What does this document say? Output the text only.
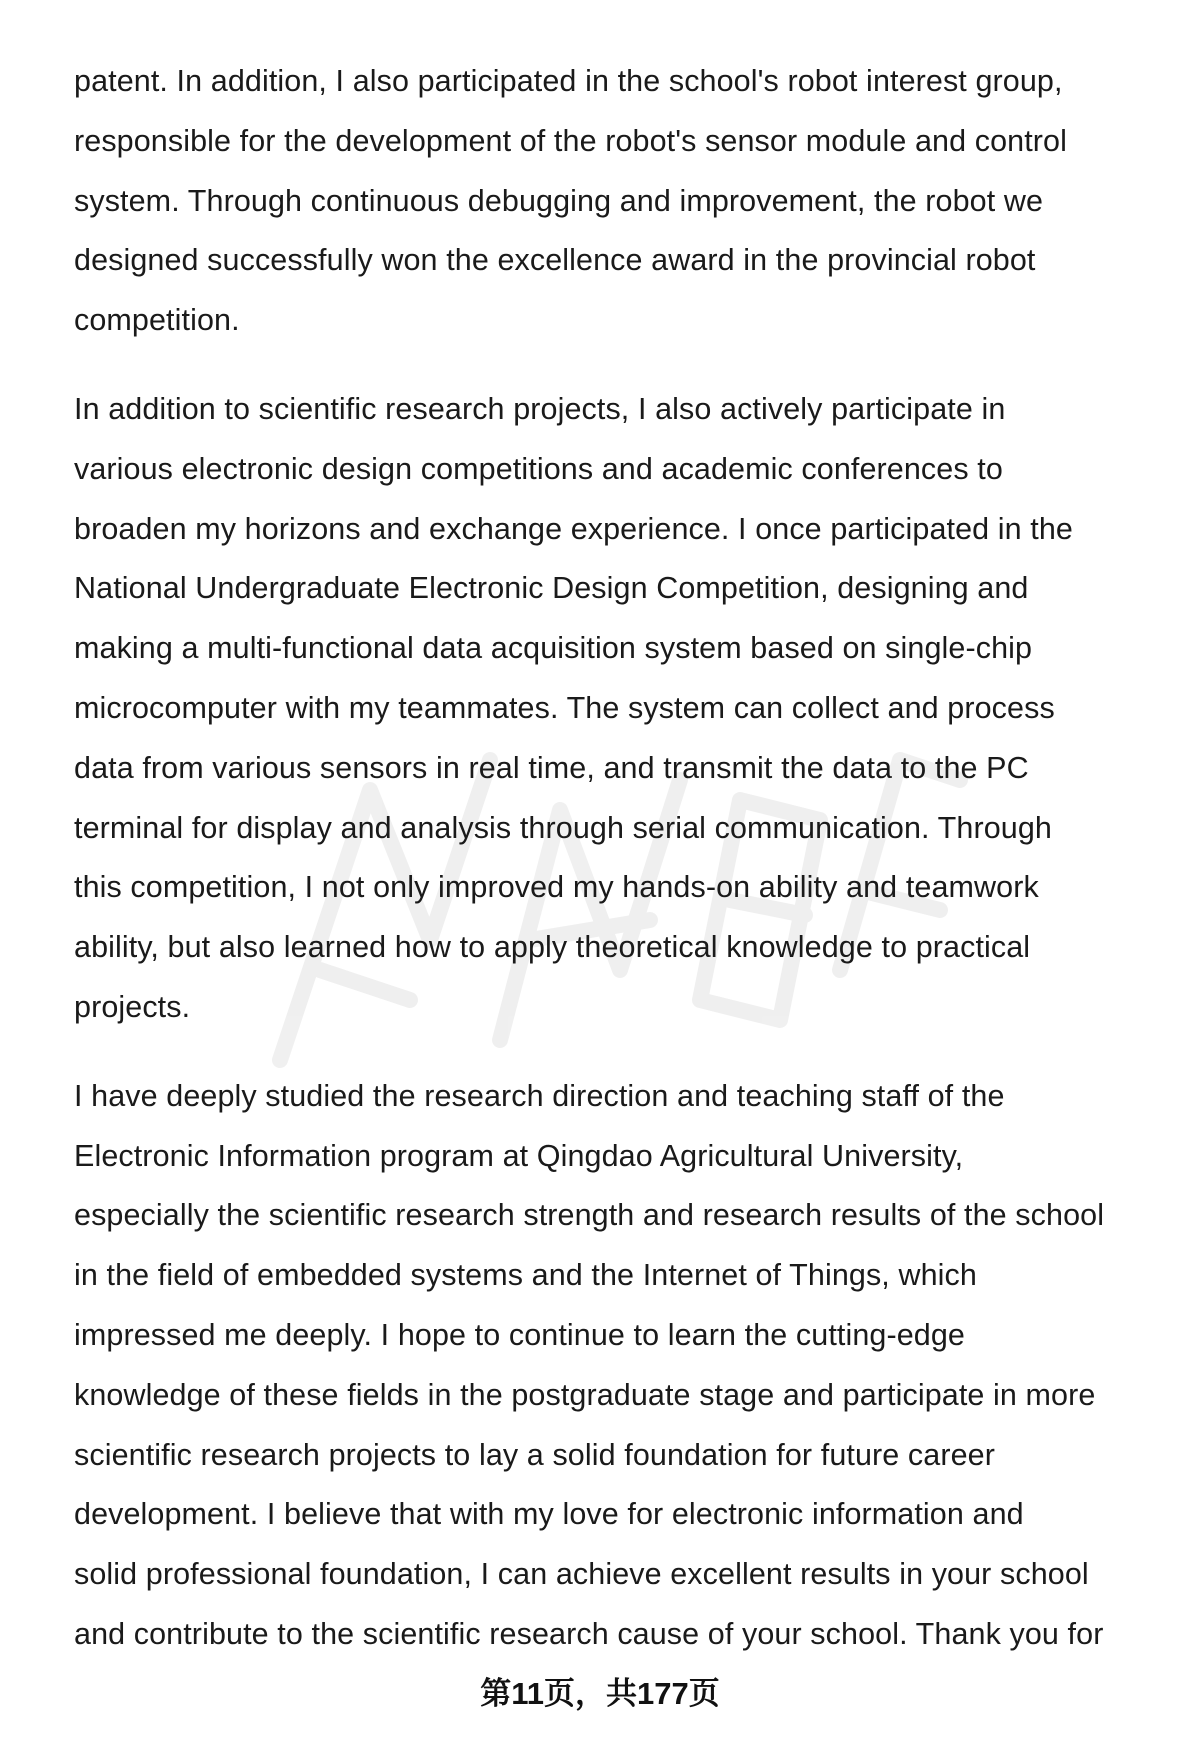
patent. In addition, I also participated in the school's robot interest group,
responsible for the development of the robot's sensor module and control
system. Through continuous debugging and improvement, the robot we
designed successfully won the excellence award in the provincial robot
competition.

In addition to scientific research projects, I also actively participate in
various electronic design competitions and academic conferences to
broaden my horizons and exchange experience. I once participated in the
National Undergraduate Electronic Design Competition, designing and
making a multi-functional data acquisition system based on single-chip
microcomputer with my teammates. The system can collect and process
data from various sensors in real time, and transmit the data to the PC
terminal for display and analysis through serial communication. Through
this competition, I not only improved my hands-on ability and teamwork
ability, but also learned how to apply theoretical knowledge to practical
projects.

I have deeply studied the research direction and teaching staff of the
Electronic Information program at Qingdao Agricultural University,
especially the scientific research strength and research results of the school
in the field of embedded systems and the Internet of Things, which
impressed me deeply. I hope to continue to learn the cutting-edge
knowledge of these fields in the postgraduate stage and participate in more
scientific research projects to lay a solid foundation for future career
development. I believe that with my love for electronic information and
solid professional foundation, I can achieve excellent results in your school
and contribute to the scientific research cause of your school. Thank you for

第11页，共177页
